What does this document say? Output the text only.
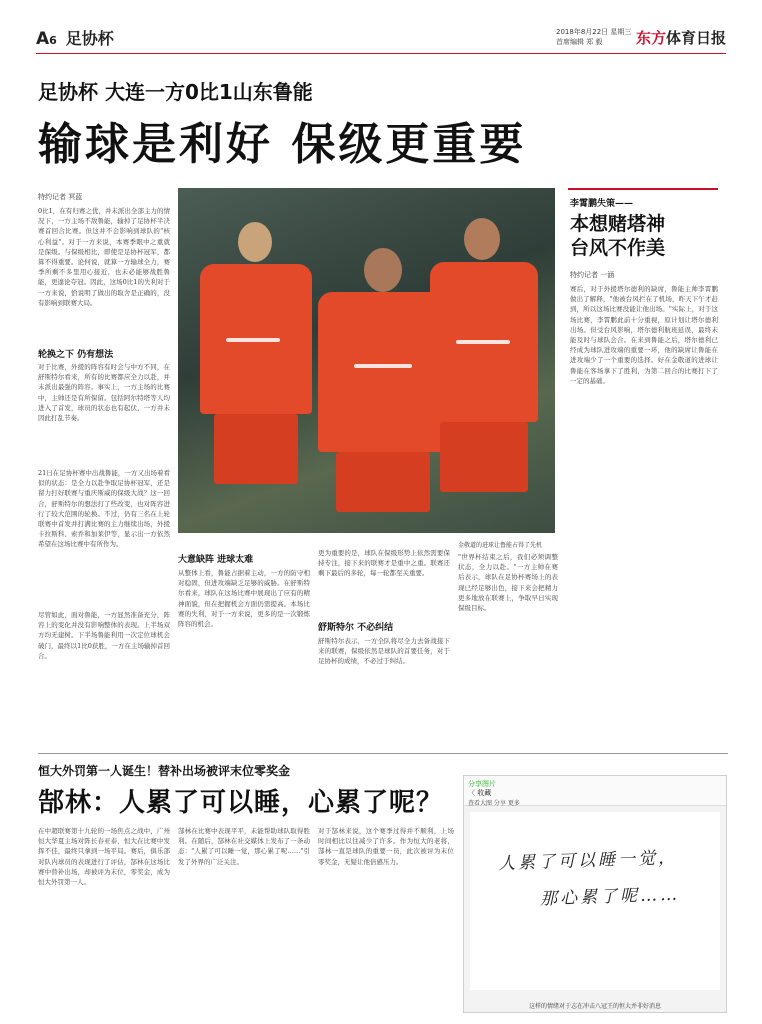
A6 足协杯	2018年8月22日 星期三
首席编辑 郑 毅	东方体育日报
足协杯 大连一方0比1山东鲁能
输球是利好 保级更重要
特约记者 冥蓝
0比1，在有归赛之优，并未派出全部主力的情况下，一方主场不敌鲁能，输掉了足协杯半决赛首回合比赛。但这并不会影响到球队的"核心利益"。对于一方来说，本赛季眼中之重就是保级。与保级相比，即使是足协杯冠军，都算不得重要。论何说，就算一方输球全力，赛季所剩不多里用心接近，也未必能够战胜鲁能，更遑论夺冠。因此，这场0比1的失利对于一方来说，恰说明了做出的取舍是正确的，没有影响到联赛大局。
轮换之下 仍有想法
对于比赛，外援的阵容有时会与中方不同，在舒斯特尔看来，所有的比赛都应全力以赴，并未派出最强的阵容。事实上，一方主场的比赛中，主帅还是有所保留。包括阿尔特塔等人均进入了首发，球员的状态也有起伏，一方并未因此打乱节奏。
21日在足协杯赛中出战鲁能，一方又出场着看似的状态：是全力以赴争取足协杯冠军，还是留力打好联赛与重庆斯威的保级大战？这一回合，舒斯特尔的想法打了些改变，也对阵容进行了较大范围的轮换。不过，仍有三名在上轮联赛中首发并打满比赛的主力继续出场，外援卡拉斯科、索乔和加莱伊等，显示出一方依然希望在这场比赛中有所作为。
尽管如此，面对鲁能，一方显然准备充分，阵容上的变化并没有影响整体的表现。上半场双方均无建树。下半场鲁能利用一次定位球机会破门，最终以1比0获胜，一方在主场输掉首回合。
金敬道的进球让鲁能占得了先机
大意缺阵 进球太难
从整体上看，鲁能占据着主动，一方的防守相对稳固，但进攻端缺乏足够的威胁。在舒斯特尔看来，球队在这场比赛中展现出了应有的精神面貌，但在把握机会方面仍需提高。本场比赛的失利，对于一方来说，更多的是一次锻炼阵容的机会。
更为重要的是，球队在保级形势上依然需要保持专注，接下来的联赛才是重中之重。联赛还剩下最后的多轮，每一轮都至关重要。
舒斯特尔 不必纠结
舒斯特尔表示，一方全队将尽全力去备战接下来的联赛，保级依然是球队的首要任务，对于足协杯的成绩，不必过于纠结。
"世界杯结束之后，我们必须调整状态，全力以赴。"一方主帅在赛后表示，球队在足协杯赛场上的表现已经足够出色，接下来会把精力更多地放在联赛上，争取早日实现保级目标。
李霄鹏失策——
本想赌塔神
台风不作美
特约记者 一涵
赛后，对于外援塔尔德利的缺席，鲁能主帅李霄鹏做出了解释，"他被台风拦在了机场，昨天下午才赶到，所以这场比赛没能让他出场。"实际上，对于这场比赛，李霄鹏此前十分重视，原计划让塔尔德利出场。但受台风影响，塔尔德利航班延误，最终未能及时与球队会合。在来到鲁能之后，塔尔德利已经成为球队进攻端的重要一环，他的缺席让鲁能在进攻端少了一个重要的选择。好在金敬道的进球让鲁能在客场拿下了胜利，为第二回合的比赛打下了一定的基础。
恒大外罚第一人诞生！替补出场被评末位零奖金
郜林：人累了可以睡，心累了呢？
在中超联赛第十九轮的一场焦点之战中，广州恒大华夏主场对阵长春亚泰，恒大在比赛中发挥不佳，最终只拿到一场平局。赛后，俱乐部对队内球员的表现进行了评估，郜林在这场比赛中替补出场，却被评为末位，零奖金，成为恒大外罚第一人。
郜林在比赛中表现平平，未能帮助球队取得胜利。在随后，郜林在社交媒体上发布了一条动态："人累了可以睡一觉，那心累了呢……"引发了外界的广泛关注。
对于郜林来说，这个赛季过得并不顺利，上场时间相比以往减少了许多。作为恒大的老将，郜林一直是球队的重要一员，此次被评为末位零奖金，无疑让他倍感压力。
分享图片
〈 收藏
查看大图 分享 更多
人累了可以睡一觉，
那心累了呢……
这样的情绪对于志在冲击八冠王的恒大并非好消息
